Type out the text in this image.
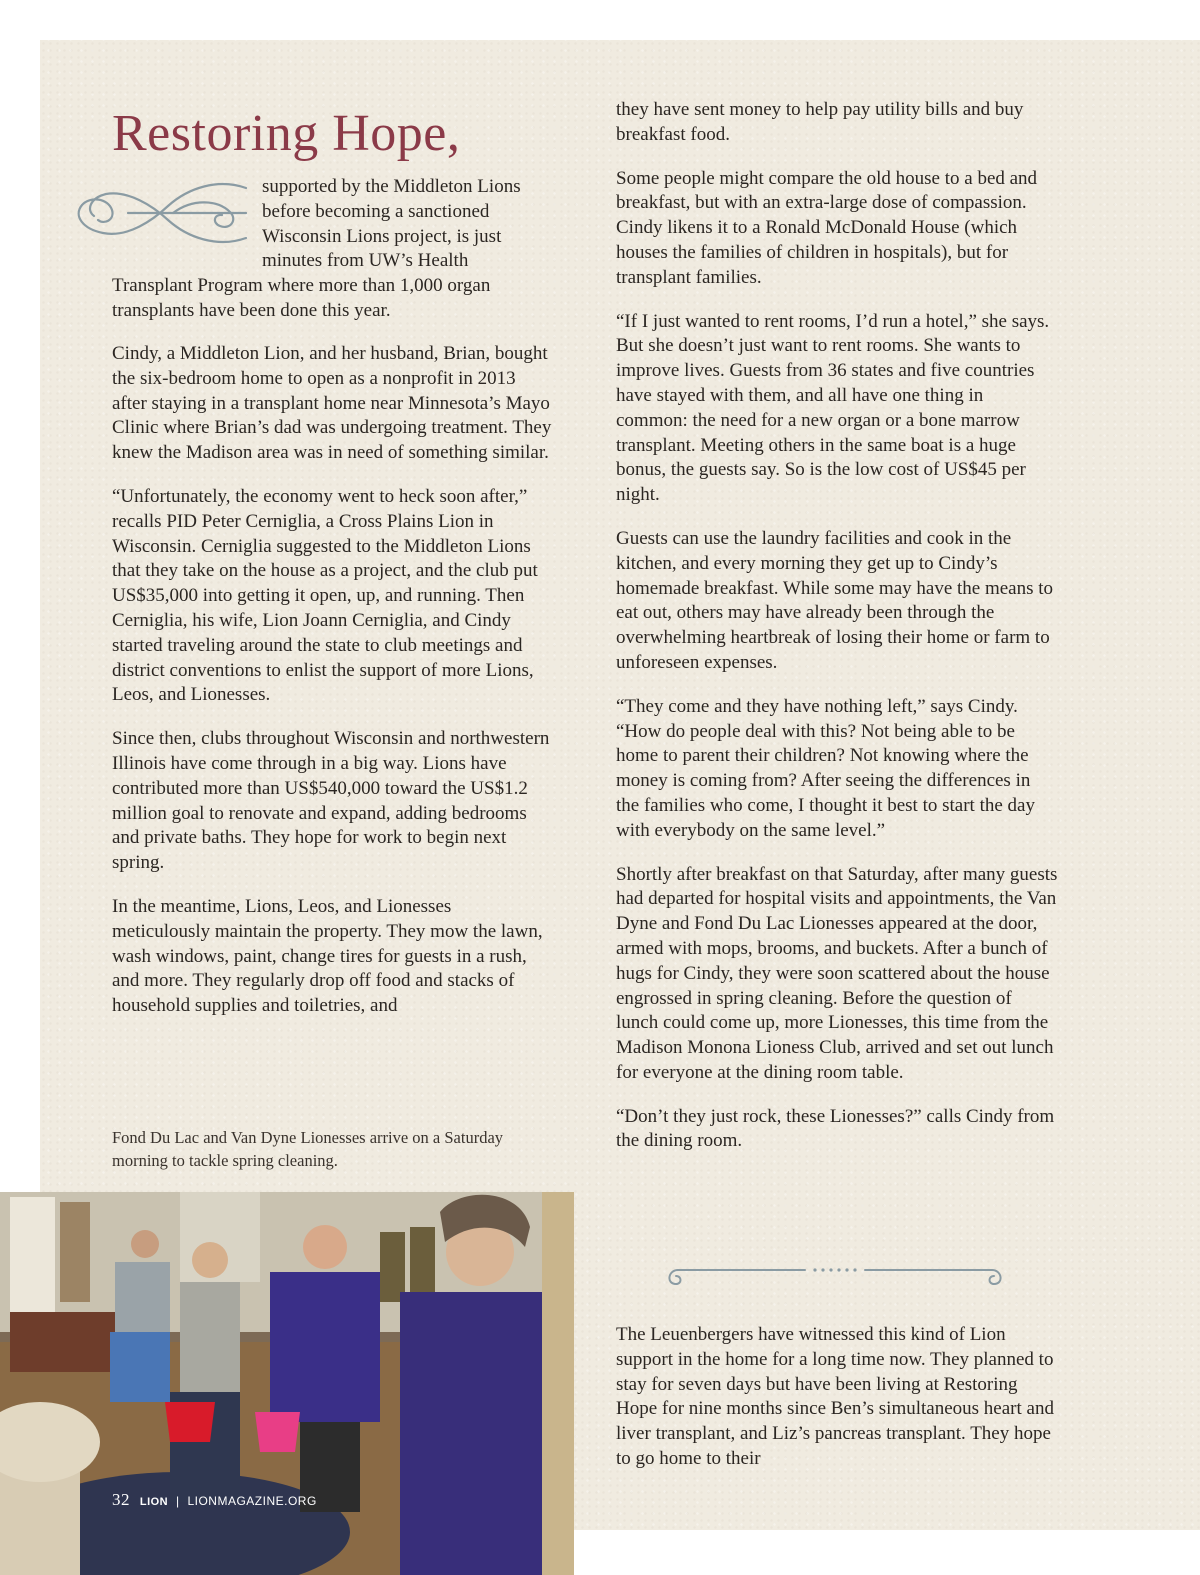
Restoring Hope,

supported by the Middleton Lions before becoming a sanctioned Wisconsin Lions project, is just minutes from UW’s Health

Transplant Program where more than 1,000 organ transplants have been done this year.

Cindy, a Middleton Lion, and her husband, Brian, bought the six-bedroom home to open as a nonprofit in 2013 after staying in a transplant home near Minnesota’s Mayo Clinic where Brian’s dad was undergoing treatment. They knew the Madison area was in need of something similar.

“Unfortunately, the economy went to heck soon after,” recalls PID Peter Cerniglia, a Cross Plains Lion in Wisconsin. Cerniglia suggested to the Middleton Lions that they take on the house as a project, and the club put US$35,000 into getting it open, up, and running. Then Cerniglia, his wife, Lion Joann Cerniglia, and Cindy started traveling around the state to club meetings and district conventions to enlist the support of more Lions, Leos, and Lionesses.

Since then, clubs throughout Wisconsin and northwestern Illinois have come through in a big way. Lions have contributed more than US$540,000 toward the US$1.2 million goal to renovate and expand, adding bedrooms and private baths. They hope for work to begin next spring.

In the meantime, Lions, Leos, and Lionesses meticulously maintain the property. They mow the lawn, wash windows, paint, change tires for guests in a rush, and more. They regularly drop off food and stacks of household supplies and toiletries, and

Fond Du Lac and Van Dyne Lionesses arrive on a Saturday morning to tackle spring cleaning.
32 LION | LIONMAGAZINE.ORG

they have sent money to help pay utility bills and buy breakfast food.

Some people might compare the old house to a bed and breakfast, but with an extra-large dose of compassion. Cindy likens it to a Ronald McDonald House (which houses the families of children in hospitals), but for transplant families.

“If I just wanted to rent rooms, I’d run a hotel,” she says. But she doesn’t just want to rent rooms. She wants to improve lives. Guests from 36 states and five countries have stayed with them, and all have one thing in common: the need for a new organ or a bone marrow transplant. Meeting others in the same boat is a huge bonus, the guests say. So is the low cost of US$45 per night.

Guests can use the laundry facilities and cook in the kitchen, and every morning they get up to Cindy’s homemade breakfast. While some may have the means to eat out, others may have already been through the overwhelming heartbreak of losing their home or farm to unforeseen expenses.

“They come and they have nothing left,” says Cindy. “How do people deal with this? Not being able to be home to parent their children? Not knowing where the money is coming from? After seeing the differences in the families who come, I thought it best to start the day with everybody on the same level.”

Shortly after breakfast on that Saturday, after many guests had departed for hospital visits and appointments, the Van Dyne and Fond Du Lac Lionesses appeared at the door, armed with mops, brooms, and buckets. After a bunch of hugs for Cindy, they were soon scattered about the house engrossed in spring cleaning. Before the question of lunch could come up, more Lionesses, this time from the Madison Monona Lioness Club, arrived and set out lunch for everyone at the dining room table.

“Don’t they just rock, these Lionesses?” calls Cindy from the dining room.

The Leuenbergers have witnessed this kind of Lion support in the home for a long time now. They planned to stay for seven days but have been living at Restoring Hope for nine months since Ben’s simultaneous heart and liver transplant, and Liz’s pancreas transplant. They hope to go home to their
